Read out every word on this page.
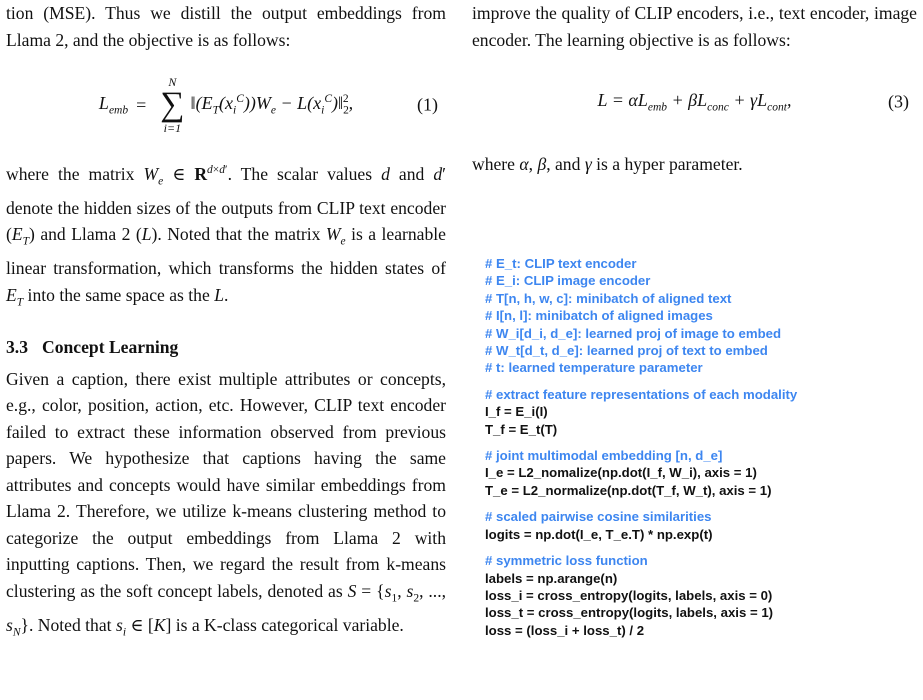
tion (MSE). Thus we distill the output embeddings from Llama 2, and the objective is as follows:

$L_{emb}$ =
N
∑
i=1
$‖(E_T(x_i^C))W_e$ − $L(x_i^C)‖_2^2$,	(1)

where the matrix $W_e$ ∈ $R^{d\times d'}$. The scalar values d and d′ denote the hidden sizes of the outputs from CLIP text encoder $(E_T)$ and Llama 2 (L). Noted that the matrix $W_e$ is a learnable linear transformation, which transforms the hidden states of $E_T$ into the same space as the L.

3.3 Concept Learning

Given a caption, there exist multiple attributes or concepts, e.g., color, position, action, etc. However, CLIP text encoder failed to extract these information observed from previous papers. We hypothesize that captions having the same attributes and concepts would have similar embeddings from Llama 2. Therefore, we utilize k-means clustering method to categorize the output embeddings from Llama 2 with inputting captions. Then, we regard the result from k-means clustering as the soft concept labels, denoted as $S = \{s_1$, $s_2$, ..., $s_N$}. Noted that $s_i$ ∈ [K] is a K-class categorical variable.

improve the quality of CLIP encoders, i.e., text encoder, image encoder. The learning objective is as follows:

$L = \alpha L_{emb} + \beta L_{conc} + \gamma L_{cont}$,	(3)

where α, β, and γ is a hyper parameter.

# E_t: CLIP text encoder
# E_i: CLIP image encoder
# T[n, h, w, c]: minibatch of aligned text
# I[n, l]: minibatch of aligned images
# W_i[d_i, d_e]: learned proj of image to embed
# W_t[d_t, d_e]: learned proj of text to embed
# t: learned temperature parameter
# extract feature representations of each modality
I_f = E_i(I)
T_f = E_t(T)
# joint multimodal embedding [n, d_e]
I_e = L2_nomalize(np.dot(I_f, W_i), axis = 1)
T_e = L2_normalize(np.dot(T_f, W_t), axis = 1)
# scaled pairwise cosine similarities
logits = np.dot(I_e, T_e.T) * np.exp(t)
# symmetric loss function
labels = np.arange(n)
loss_i = cross_entropy(logits, labels, axis = 0)
loss_t = cross_entropy(logits, labels, axis = 1)
loss = (loss_i + loss_t) / 2
